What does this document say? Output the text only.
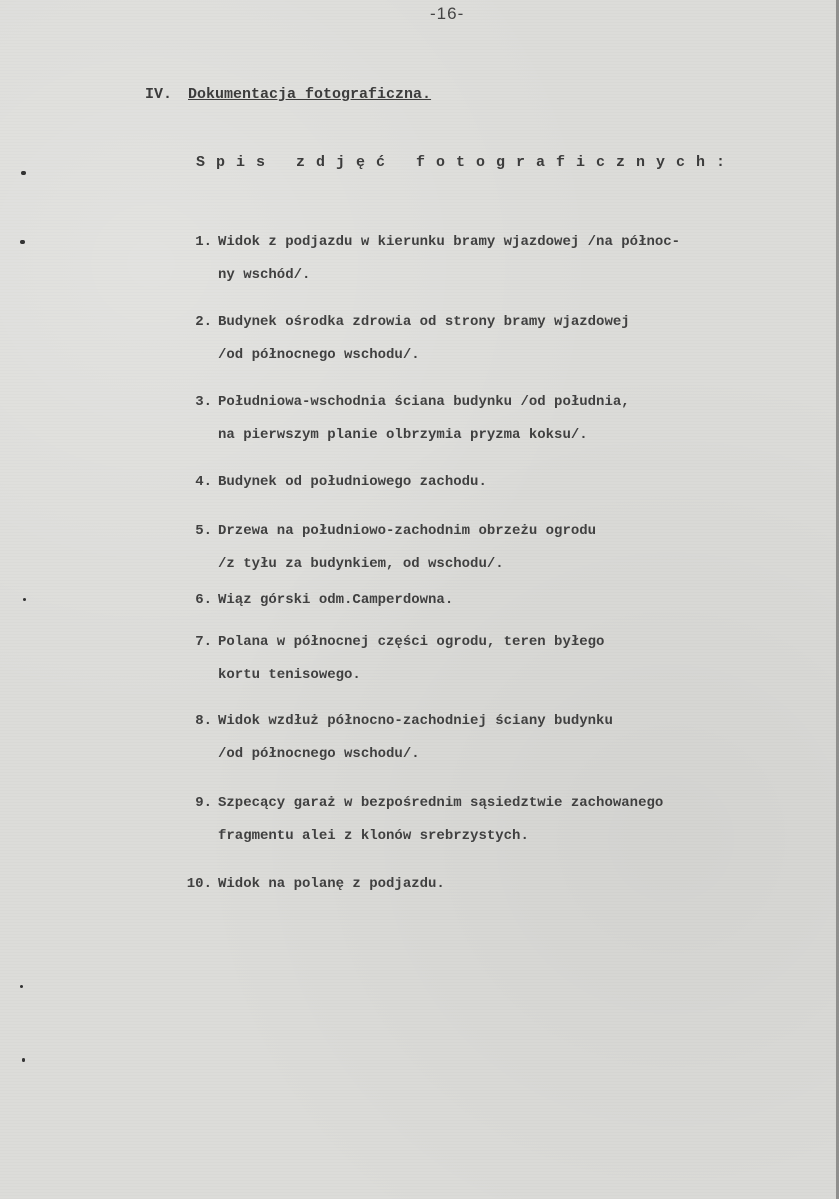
-16-
IV. Dokumentacja fotograficzna.
Spis zdjęć fotograficznych:
1. Widok z podjazdu w kierunku bramy wjazdowej /na północ-
ny wschód/.
2. Budynek ośrodka zdrowia od strony bramy wjazdowej
/od północnego wschodu/.
3. Południowa-wschodnia ściana budynku /od południa,
na pierwszym planie olbrzymia pryzma koksu/.
4. Budynek od południowego zachodu.
5. Drzewa na południowo-zachodnim obrzeżu ogrodu
/z tyłu za budynkiem, od wschodu/.
6. Wiąz górski odm.Camperdowna.
7. Polana w północnej części ogrodu, teren byłego
kortu tenisowego.
8. Widok wzdłuż północno-zachodniej ściany budynku
/od północnego wschodu/.
9. Szpecący garaż w bezpośrednim sąsiedztwie zachowanego
fragmentu alei z klonów srebrzystych.
10. Widok na polanę z podjazdu.
